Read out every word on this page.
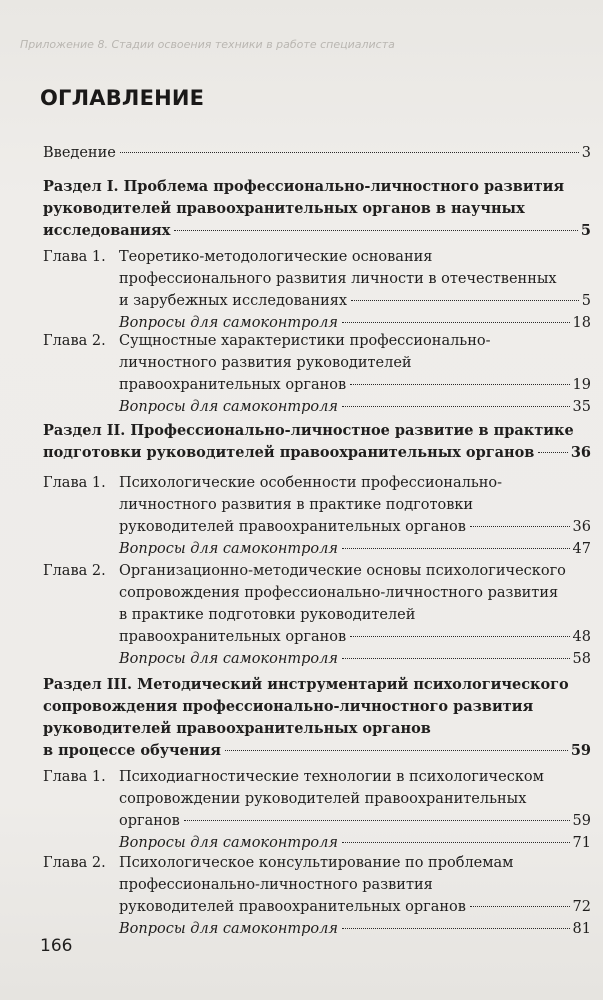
Приложение 8. Стадии освоения техники в работе специалиста
ОГЛАВЛЕНИЕ
Введение	3
Раздел I. Проблема профессионально-личностного развития
руководителей правоохранительных органов в научных
исследованиях	5
Глава 1. Теоретико-методологические основания
профессионального развития личности в отечественных
и зарубежных исследованиях	5
Вопросы для самоконтроля	18
Глава 2. Сущностные характеристики профессионально-
личностного развития руководителей
правоохранительных органов	19
Вопросы для самоконтроля	35
Раздел II. Профессионально-личностное развитие в практике
подготовки руководителей правоохранительных органов	36
Глава 1. Психологические особенности профессионально-
личностного развития в практике подготовки
руководителей правоохранительных органов	36
Вопросы для самоконтроля	47
Глава 2. Организационно-методические основы психологического
сопровождения профессионально-личностного развития
в практике подготовки руководителей
правоохранительных органов	48
Вопросы для самоконтроля	58
Раздел III. Методический инструментарий психологического
сопровождения профессионально-личностного развития
руководителей правоохранительных органов
в процессе обучения	59
Глава 1. Психодиагностические технологии в психологическом
сопровождении руководителей правоохранительных
органов	59
Вопросы для самоконтроля	71
Глава 2. Психологическое консультирование по проблемам
профессионально-личностного развития
руководителей правоохранительных органов	72
Вопросы для самоконтроля	81
166
